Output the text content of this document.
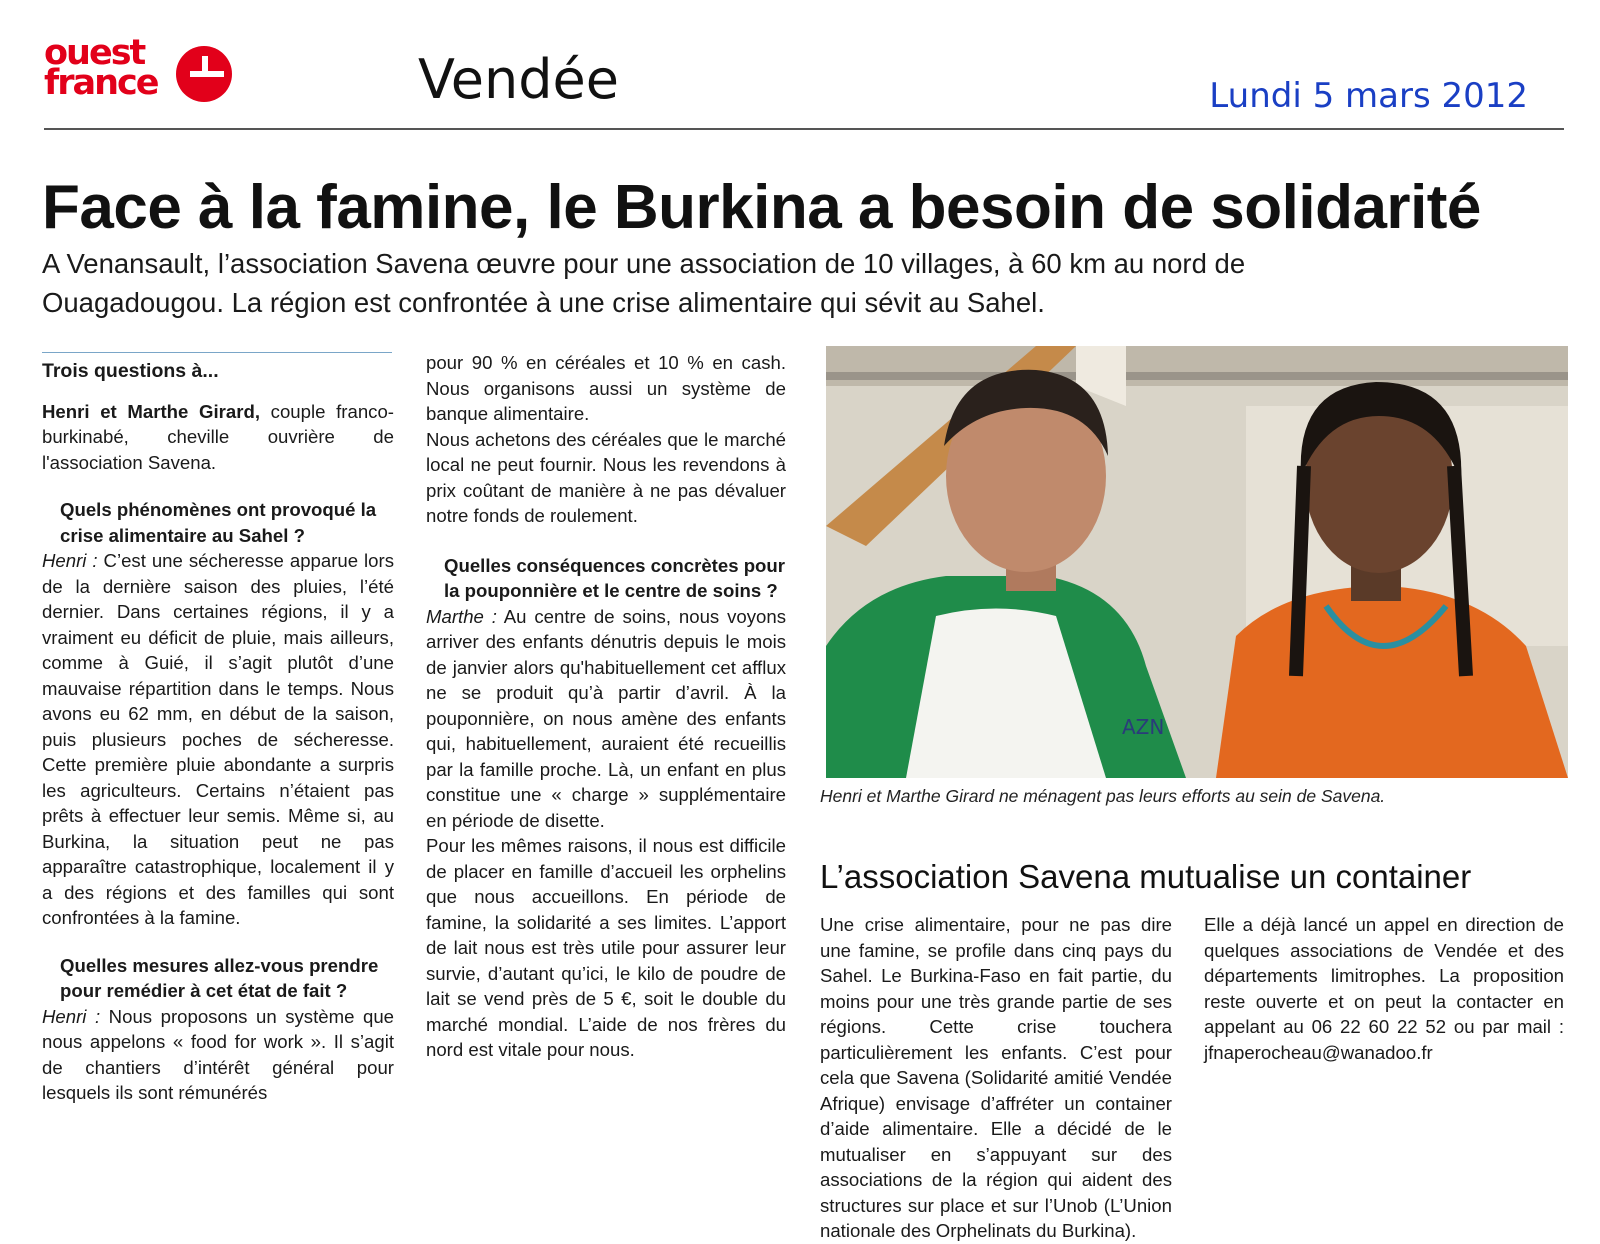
ouest
france	Vendée	Lundi 5 mars 2012
Face à la famine, le Burkina a besoin de solidarité
A Venansault, l’association Savena œuvre pour une association de 10 villages, à 60 km au nord de Ouagadougou. La région est confrontée à une crise alimentaire qui sévit au Sahel.

Trois questions à...

Henri et Marthe Girard, couple franco-burkinabé, cheville ouvrière de l'association Savena.

Quels phénomènes ont provoqué la crise alimentaire au Sahel ?

Henri : C’est une sécheresse apparue lors de la dernière saison des pluies, l’été dernier. Dans certaines régions, il y a vraiment eu déficit de pluie, mais ailleurs, comme à Guié, il s’agit plutôt d’une mauvaise répartition dans le temps. Nous avons eu 62 mm, en début de la saison, puis plusieurs poches de sécheresse. Cette première pluie abondante a surpris les agriculteurs. Certains n’étaient pas prêts à effectuer leur semis. Même si, au Burkina, la situation peut ne pas apparaître catastrophique, localement il y a des régions et des familles qui sont confrontées à la famine.

Quelles mesures allez-vous prendre pour remédier à cet état de fait ?

Henri : Nous proposons un système que nous appelons « food for work ». Il s’agit de chantiers d’intérêt général pour lesquels ils sont rémunérés

pour 90 % en céréales et 10 % en cash. Nous organisons aussi un système de banque alimentaire.

Nous achetons des céréales que le marché local ne peut fournir. Nous les revendons à prix coûtant de manière à ne pas dévaluer notre fonds de roulement.

Quelles conséquences concrètes pour la pouponnière et le centre de soins ?

Marthe : Au centre de soins, nous voyons arriver des enfants dénutris depuis le mois de janvier alors qu'habituellement cet afflux ne se produit qu’à partir d’avril. À la pouponnière, on nous amène des enfants qui, habituellement, auraient été recueillis par la famille proche. Là, un enfant en plus constitue une « charge » supplémentaire en période de disette.

Pour les mêmes raisons, il nous est difficile de placer en famille d’accueil les orphelins que nous accueillons. En période de famine, la solidarité a ses limites. L’apport de lait nous est très utile pour assurer leur survie, d’autant qu’ici, le kilo de poudre de lait se vend près de 5 €, soit le double du marché mondial. L’aide de nos frères du nord est vitale pour nous.

AZN
Henri et Marthe Girard ne ménagent pas leurs efforts au sein de Savena.
L’association Savena mutualise un container

Une crise alimentaire, pour ne pas dire une famine, se profile dans cinq pays du Sahel. Le Burkina-Faso en fait partie, du moins pour une très grande partie de ses régions. Cette crise touchera particulièrement les enfants. C’est pour cela que Savena (Solidarité amitié Vendée Afrique) envisage d’affréter un container d’aide alimentaire. Elle a décidé de le mutualiser en s’appuyant sur des associations de la région qui aident des structures sur place et sur l’Unob (L’Union nationale des Orphelinats du Burkina).

Elle a déjà lancé un appel en direction de quelques associations de Vendée et des départements limitrophes. La proposition reste ouverte et on peut la contacter en appelant au 06 22 60 22 52 ou par mail : jfnaperocheau@wanadoo.fr
